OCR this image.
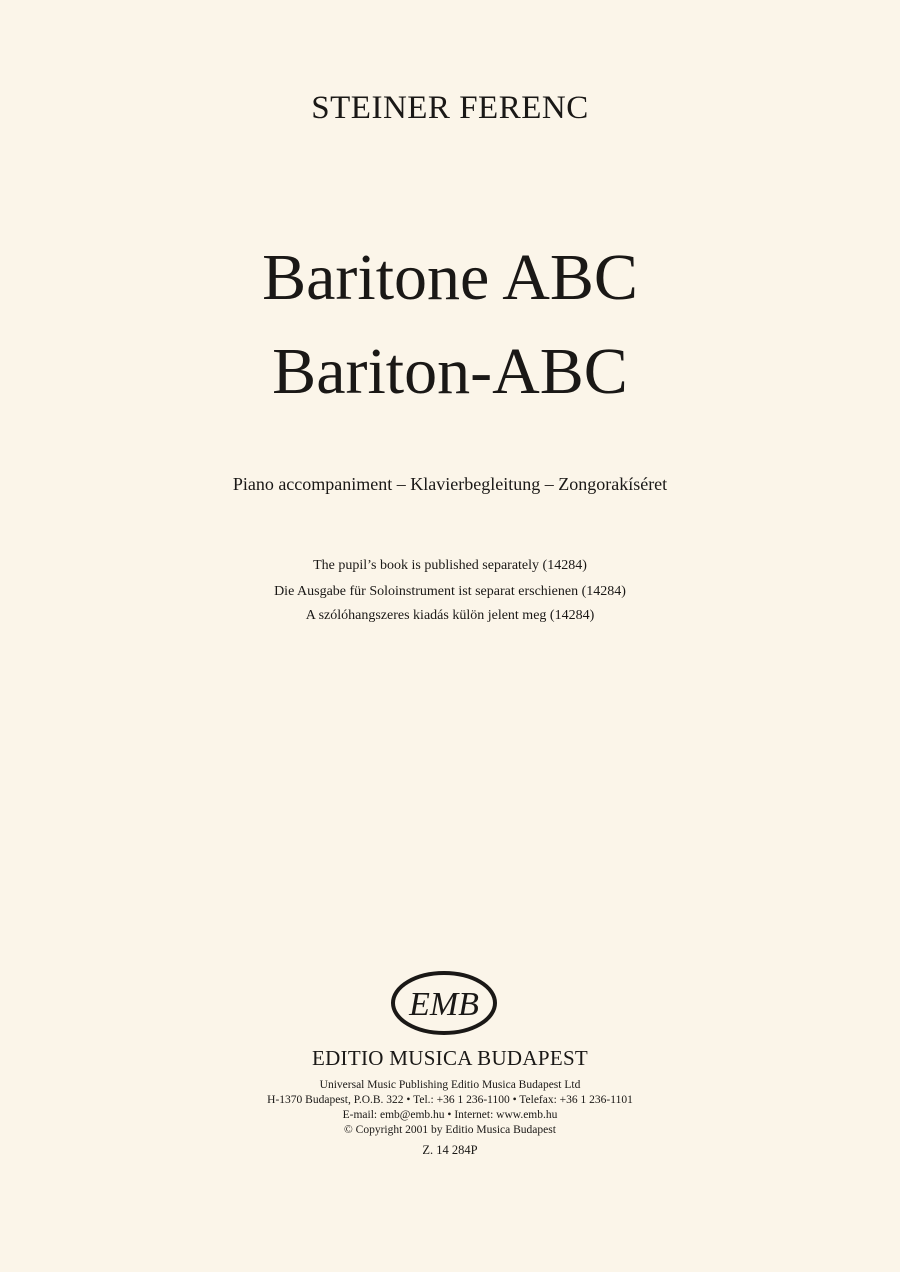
STEINER FERENC
Baritone ABC
Bariton-ABC
Piano accompaniment – Klavierbegleitung – Zongorakíséret
The pupil’s book is published separately (14284)
Die Ausgabe für Soloinstrument ist separat erschienen (14284)
A szólóhangszeres kiadás külön jelent meg (14284)
EMB
EDITIO MUSICA BUDAPEST
Universal Music Publishing Editio Musica Budapest Ltd
H-1370 Budapest, P.O.B. 322 • Tel.: +36 1 236-1100 • Telefax: +36 1 236-1101
E-mail: emb@emb.hu • Internet: www.emb.hu
© Copyright 2001 by Editio Musica Budapest
Z. 14 284P
